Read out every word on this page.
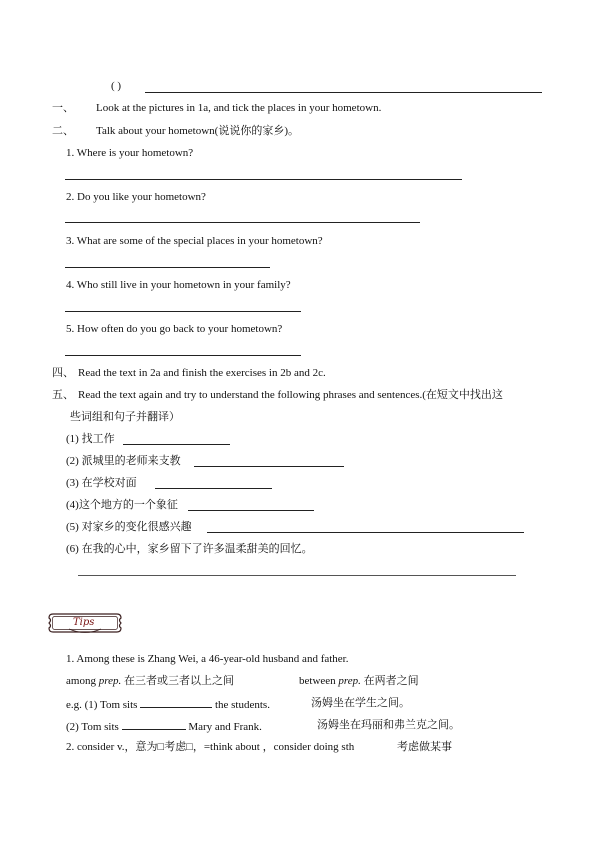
( )
一、 Look at the pictures in 1a, and tick the places in your hometown.
二、 Talk about your hometown(说说你的家乡)。
1. Where is your hometown?
2. Do you like your hometown?
3. What are some of the special places in your hometown?
4. Who still live in your hometown in your family?
5. How often do you go back to your hometown?
四、 Read the text in 2a and finish the exercises in 2b and 2c.
五、 Read the text again and try to understand the following phrases and sentences.(在短文中找出这
些词组和句子并翻译）
(1) 找工作
(2) 派城里的老师来支教
(3) 在学校对面
(4)这个地方的一个象征
(5) 对家乡的变化很感兴趣
(6) 在我的心中，家乡留下了许多温柔甜美的回忆。
Tips
1. Among these is Zhang Wei, a 46-year-old husband and father.
among prep. 在三者或三者以上之间	between prep. 在两者之间
e.g. (1) Tom sits	the students.	汤姆坐在学生之间。
(2) Tom sits	Mary and Frank.	汤姆坐在玛丽和弗兰克之间。
2. consider v.，意为□考虑□，=think about ，consider doing sth	考虑做某事
